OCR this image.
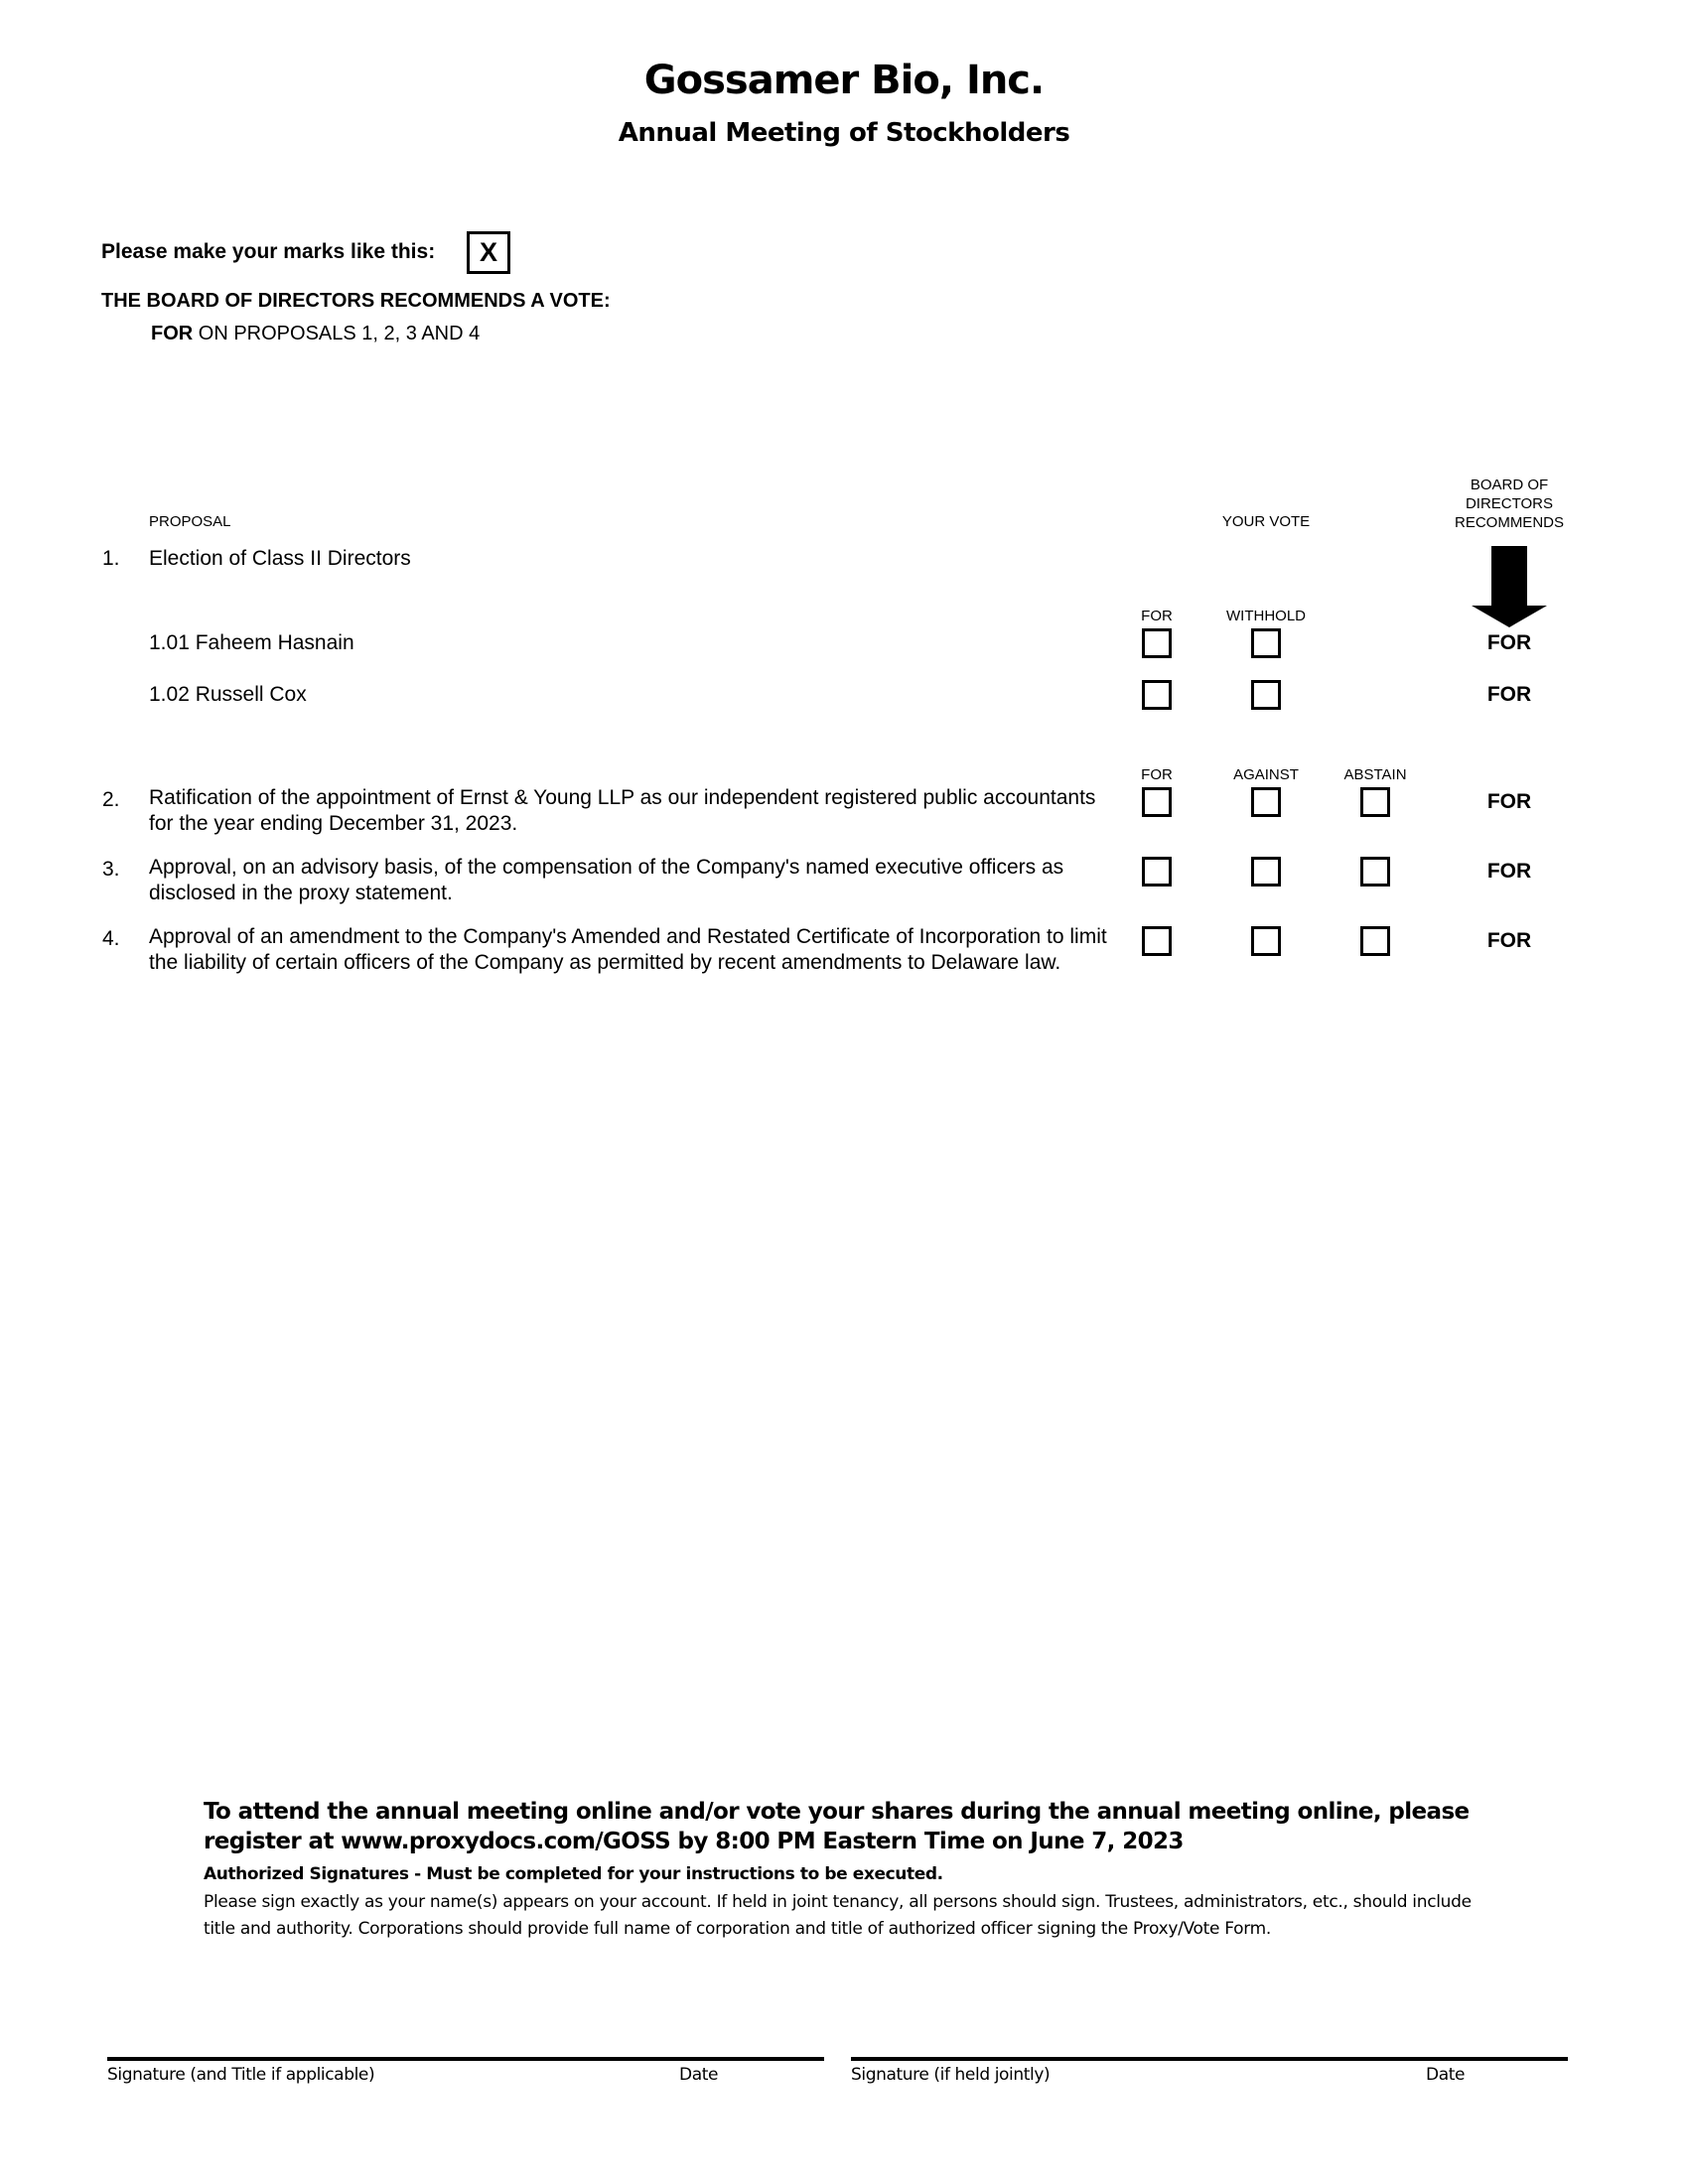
Gossamer Bio, Inc.
Annual Meeting of Stockholders
Please make your marks like this:	X
THE BOARD OF DIRECTORS RECOMMENDS A VOTE:
FOR ON PROPOSALS 1, 2, 3 AND 4
PROPOSAL	YOUR VOTE
BOARD OF
DIRECTORS
RECOMMENDS
1. Election of Class II Directors
FOR	WITHHOLD
1.01 Faheem Hasnain	FOR
1.02 Russell Cox	FOR
FOR	AGAINST	ABSTAIN
2. Ratification of the appointment of Ernst & Young LLP as our independent registered public accountants for the year ending December 31, 2023.
FOR
3. Approval, on an advisory basis, of the compensation of the Company's named executive officers as disclosed in the proxy statement.
FOR
4. Approval of an amendment to the Company's Amended and Restated Certificate of Incorporation to limit the liability of certain officers of the Company as permitted by recent amendments to Delaware law.
FOR
To attend the annual meeting online and/or vote your shares during the annual meeting online, please
register at www.proxydocs.com/GOSS by 8:00 PM Eastern Time on June 7, 2023
Authorized Signatures - Must be completed for your instructions to be executed.
Please sign exactly as your name(s) appears on your account. If held in joint tenancy, all persons should sign. Trustees, administrators, etc., should include title and authority. Corporations should provide full name of corporation and title of authorized officer signing the Proxy/Vote Form.
Signature (and Title if applicable)	Date	Signature (if held jointly)	Date
